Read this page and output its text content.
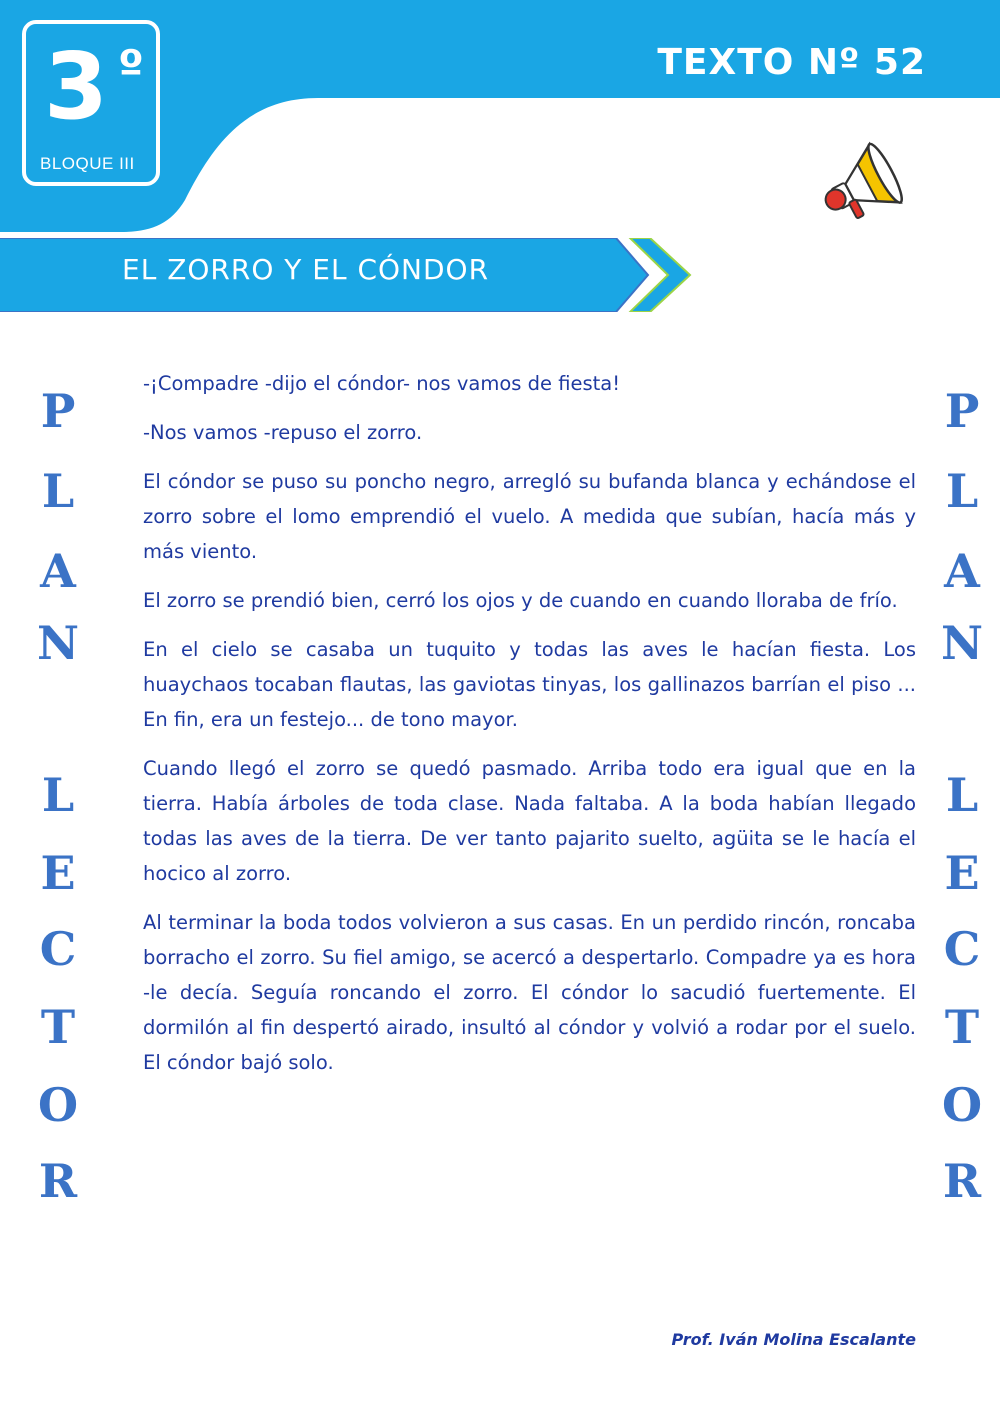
3 º
BLOQUE III
TEXTO Nº 52
EL ZORRO Y EL CÓNDOR
P
L
A
N
L
E
C
T
O
R
P
L
A
N
L
E
C
T
O
R

-¡Compadre -dijo el cóndor- nos vamos de fiesta!

-Nos vamos -repuso el zorro.

El cóndor se puso su poncho negro, arregló su bufanda blanca y echándose el zorro sobre el lomo emprendió el vuelo. A medida que subían, hacía más y más viento.

El zorro se prendió bien, cerró los ojos y de cuando en cuando lloraba de frío.

En el cielo se casaba un tuquito y todas las aves le hacían fiesta. Los huaychaos tocaban flautas, las gaviotas tinyas, los gallinazos barrían el piso ... En fin, era un festejo... de tono mayor.

Cuando llegó el zorro se quedó pasmado. Arriba todo era igual que en la tierra. Había árboles de toda clase. Nada faltaba. A la boda habían llegado todas las aves de la tierra. De ver tanto pajarito suelto, agüita se le hacía el hocico al zorro.

Al terminar la boda todos volvieron a sus casas. En un perdido rincón, roncaba borracho el zorro. Su fiel amigo, se acercó a despertarlo. Compadre ya es hora -le decía. Seguía roncando el zorro. El cóndor lo sacudió fuertemente. El dormilón al fin despertó airado, insultó al cóndor y volvió a rodar por el suelo. El cóndor bajó solo.

Prof. Iván Molina Escalante
